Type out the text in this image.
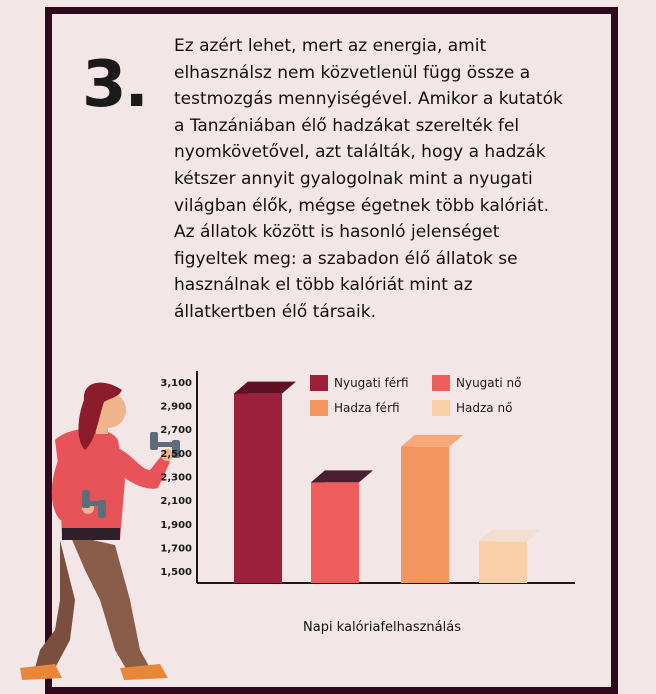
3.
Ez azért lehet, mert az energia, amit
elhasználsz nem közvetlenül függ össze a
testmozgás mennyiségével. Amikor a kutatók
a Tanzániában élő hadzákat szerelték fel
nyomkövetővel, azt találták, hogy a hadzák
kétszer annyit gyalogolnak mint a nyugati
világban élők, mégse égetnek több kalóriát.
Az állatok között is hasonló jelenséget
figyeltek meg: a szabadon élő állatok se
használnak el több kalóriát mint az
állatkertben élő társaik.
3,100
2,900
2,700
2,500
2,300
2,100
1,900
1,700
1,500
Nyugati férfi	Nyugati nő
Hadza férfi	Hadza nő
Napi kalóriafelhasználás
